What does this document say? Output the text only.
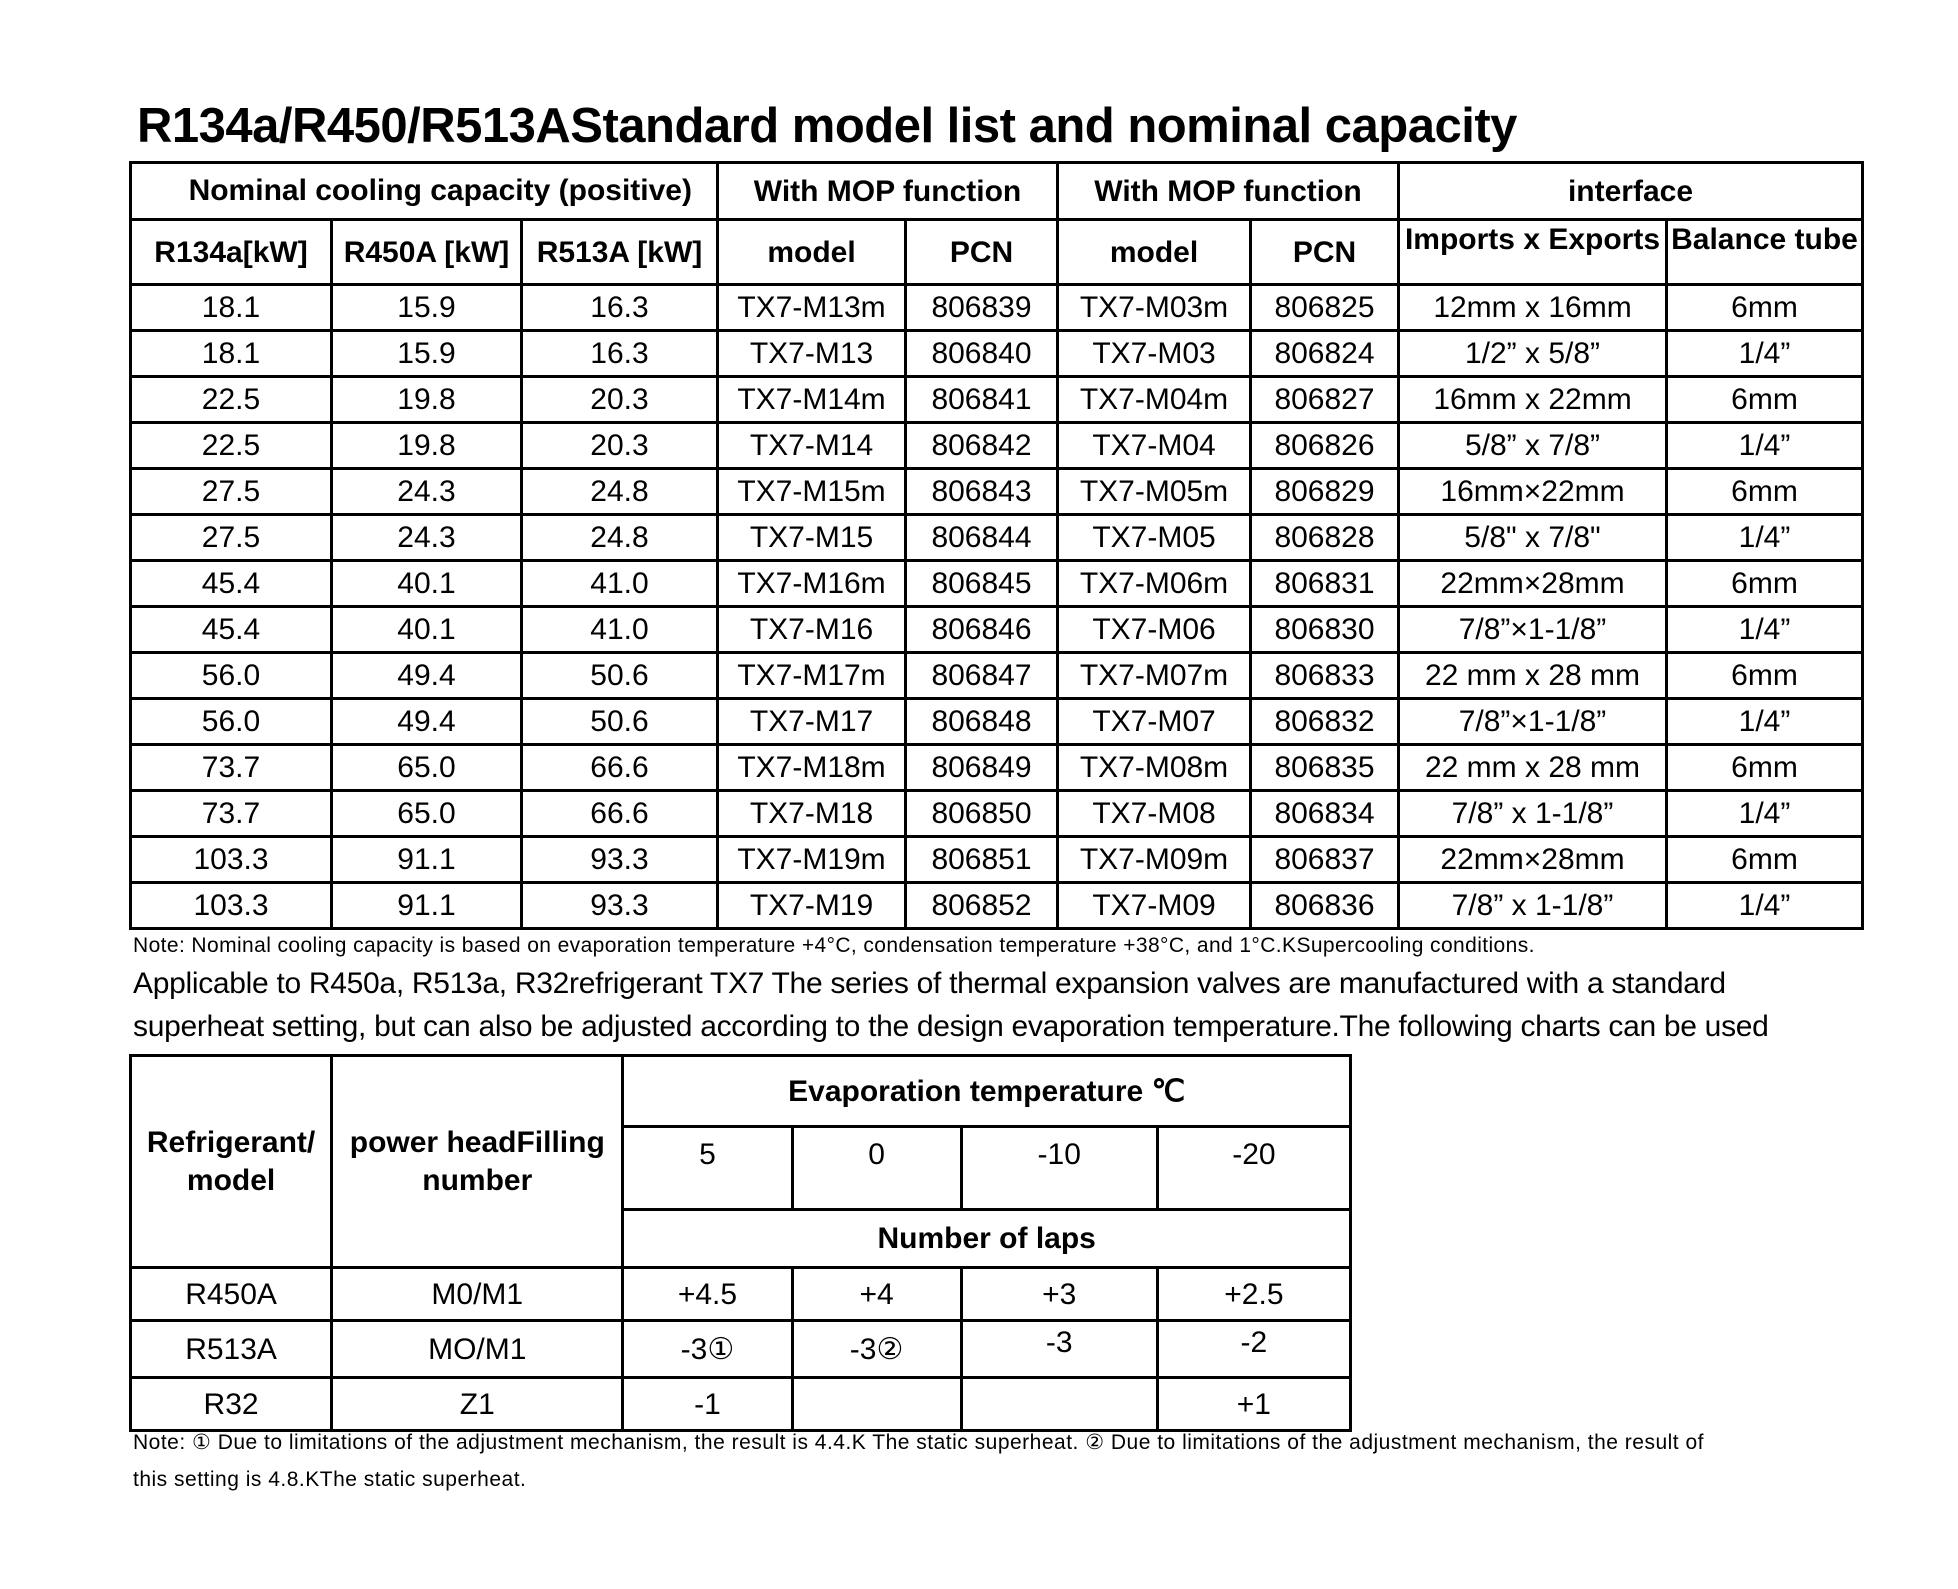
R134a/R450/R513AStandard model list and nominal capacity
Nominal cooling capacity (positive)			With MOP function		With MOP function		interface	
R134a[kW]	R450A [kW]	R513A [kW]	model	PCN	model	PCN	Imports x Exports	Balance tube

18.1	15.9	16.3	TX7-M13m	806839	TX7-M03m	806825	12mm x 16mm	6mm
18.1	15.9	16.3	TX7-M13	806840	TX7-M03	806824	1/2” x 5/8”	1/4”
22.5	19.8	20.3	TX7-M14m	806841	TX7-M04m	806827	16mm x 22mm	6mm
22.5	19.8	20.3	TX7-M14	806842	TX7-M04	806826	5/8” x 7/8”	1/4”
27.5	24.3	24.8	TX7-M15m	806843	TX7-M05m	806829	16mm×22mm	6mm
27.5	24.3	24.8	TX7-M15	806844	TX7-M05	806828	5/8" x 7/8"	1/4”
45.4	40.1	41.0	TX7-M16m	806845	TX7-M06m	806831	22mm×28mm	6mm
45.4	40.1	41.0	TX7-M16	806846	TX7-M06	806830	7/8”×1-1/8”	1/4”
56.0	49.4	50.6	TX7-M17m	806847	TX7-M07m	806833	22 mm x 28 mm	6mm
56.0	49.4	50.6	TX7-M17	806848	TX7-M07	806832	7/8”×1-1/8”	1/4”
73.7	65.0	66.6	TX7-M18m	806849	TX7-M08m	806835	22 mm x 28 mm	6mm
73.7	65.0	66.6	TX7-M18	806850	TX7-M08	806834	7/8” x 1-1/8”	1/4”
103.3	91.1	93.3	TX7-M19m	806851	TX7-M09m	806837	22mm×28mm	6mm
103.3	91.1	93.3	TX7-M19	806852	TX7-M09	806836	7/8” x 1-1/8”	1/4”
Note: Nominal cooling capacity is based on evaporation temperature +4°C, condensation temperature +38°C, and 1°C.KSupercooling conditions.
Applicable to R450a, R513a, R32refrigerant TX7 The series of thermal expansion valves are manufactured with a standard
superheat setting, but can also be adjusted according to the design evaporation temperature.The following charts can be used
Refrigerant/ model	power headFilling number	Evaporation temperature ℃			
		5	0	-10	-20
		Number of laps			
R450A	M0/M1	+4.5	+4	+3	+2.5
R513A	MO/M1	-3①	-3②	-3	-2
R32	Z1	-1			+1
Note: ① Due to limitations of the adjustment mechanism, the result is 4.4.K The static superheat. ② Due to limitations of the adjustment mechanism, the result of
this setting is 4.8.KThe static superheat.
